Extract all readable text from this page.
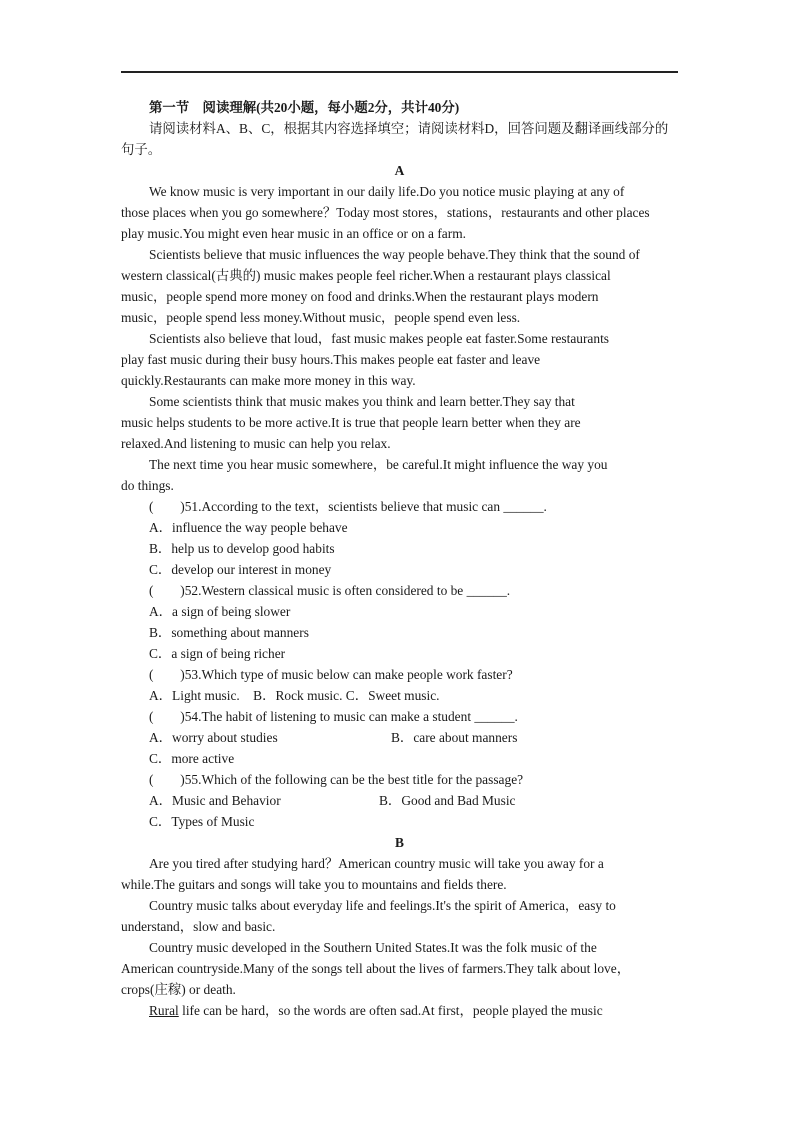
第一节　阅读理解(共20小题，每小题2分，共计40分)
请阅读材料A、B、C，根据其内容选择填空；请阅读材料D，回答问题及翻译画线部分的
句子。
A
We know music is very important in our daily life.Do you notice music playing at any of
those places when you go somewhere？Today most stores，stations，restaurants and other places
play music.You might even hear music in an office or on a farm.
Scientists believe that music influences the way people behave.They think that the sound of
western classical(古典的) music makes people feel richer.When a restaurant plays classical
music，people spend more money on food and drinks.When the restaurant plays modern
music，people spend less money.Without music，people spend even less.
Scientists also believe that loud，fast music makes people eat faster.Some restaurants
play fast music during their busy hours.This makes people eat faster and leave
quickly.Restaurants can make more money in this way.
Some scientists think that music makes you think and learn better.They say that
music helps students to be more active.It is true that people learn better when they are
relaxed.And listening to music can help you relax.
The next time you hear music somewhere，be careful.It might influence the way you
do things.
(　　)51.According to the text，scientists believe that music can ______.
A．influence the way people behave
B．help us to develop good habits
C．develop our interest in money
(　　)52.Western classical music is often considered to be ______.
A．a sign of being slower
B．something about manners
C．a sign of being richer
(　　)53.Which type of music below can make people work faster?
A．Light music.　B．Rock music. C．Sweet music.
(　　)54.The habit of listening to music can make a student ______.
A．worry about studies	B．care about manners
C．more active
(　　)55.Which of the following can be the best title for the passage?
A．Music and Behavior	B．Good and Bad Music
C．Types of Music
B
Are you tired after studying hard？American country music will take you away for a
while.The guitars and songs will take you to mountains and fields there.
Country music talks about everyday life and feelings.It's the spirit of America，easy to
understand，slow and basic.
Country music developed in the Southern United States.It was the folk music of the
American countryside.Many of the songs tell about the lives of farmers.They talk about love，
crops(庄稼) or death.
Rural life can be hard，so the words are often sad.At first，people played the music
